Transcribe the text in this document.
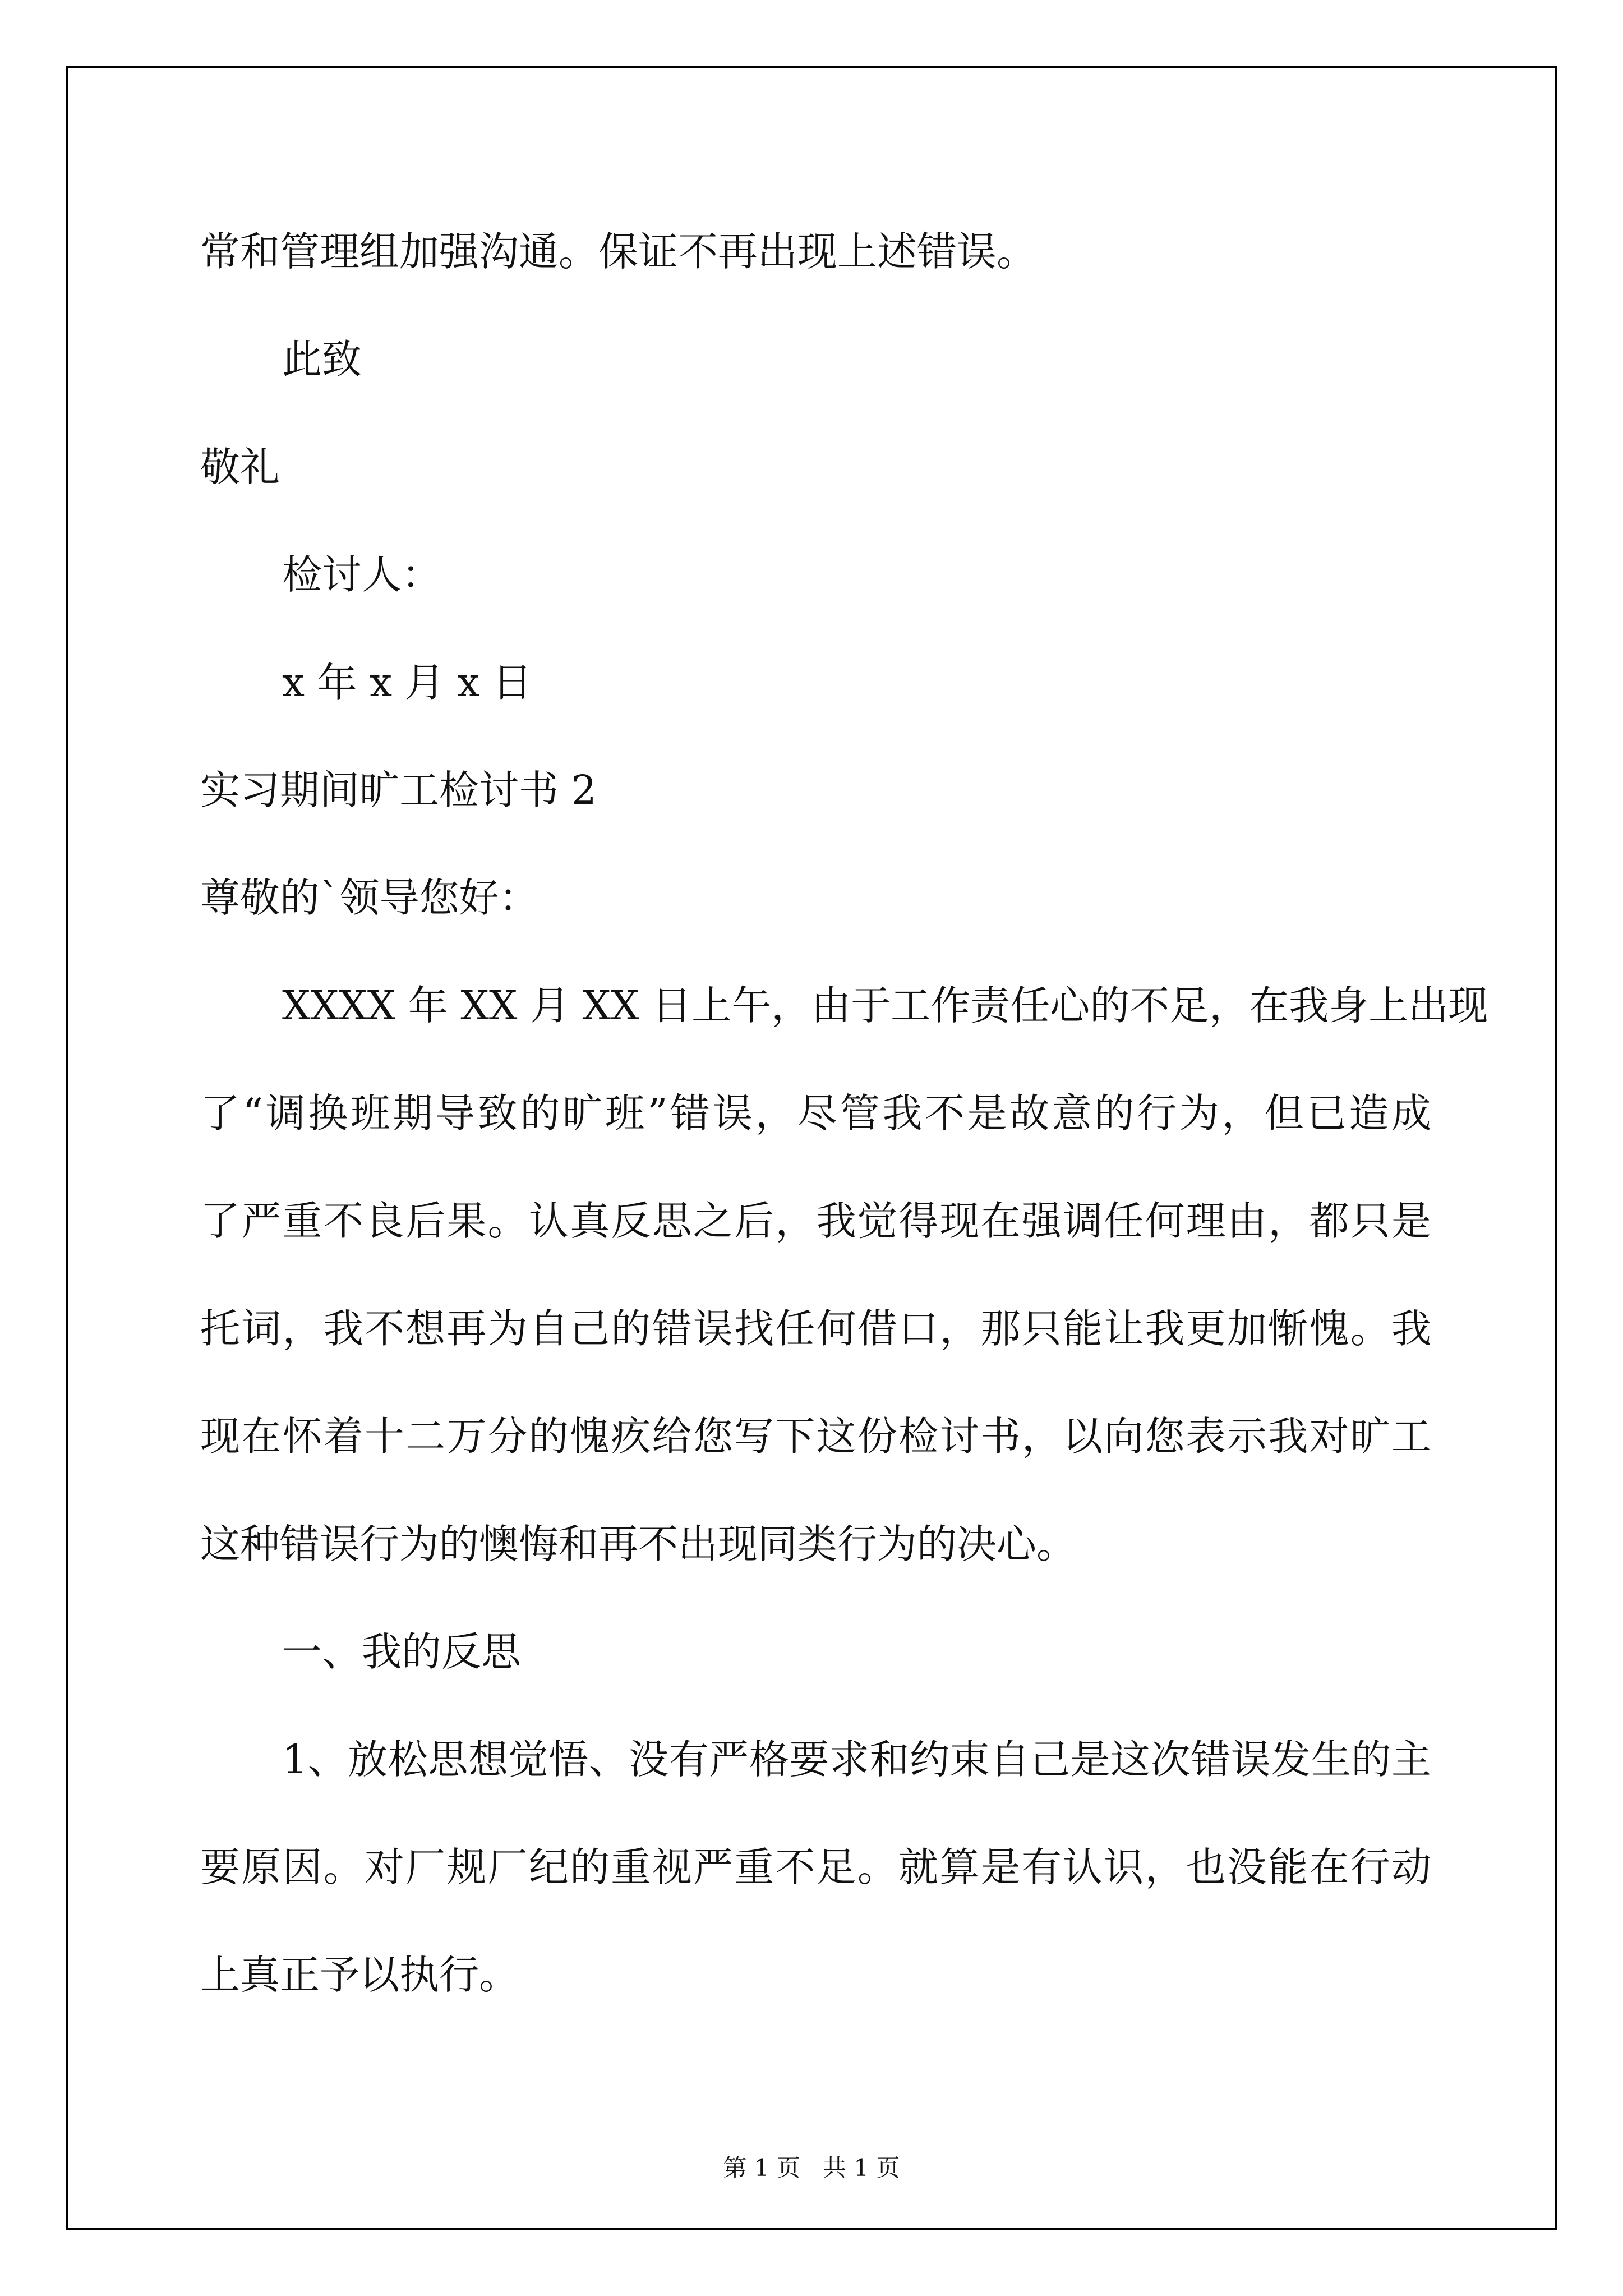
常和管理组加强沟通。保证不再出现上述错误。
此致
敬礼
检讨人：
x 年 x 月 x 日
实习期间旷工检讨书 2
尊敬的`领导您好：
XXXX 年 XX 月 XX 日上午，由于工作责任心的不足，在我身上出现
了“调换班期导致的旷班”错误，尽管我不是故意的行为，但已造成
了严重不良后果。认真反思之后，我觉得现在强调任何理由，都只是
托词，我不想再为自己的错误找任何借口，那只能让我更加惭愧。我
现在怀着十二万分的愧疚给您写下这份检讨书，以向您表示我对旷工
这种错误行为的懊悔和再不出现同类行为的决心。
一、我的反思
1、放松思想觉悟、没有严格要求和约束自己是这次错误发生的主
要原因。对厂规厂纪的重视严重不足。就算是有认识，也没能在行动
上真正予以执行。
第 1 页   共 1 页
